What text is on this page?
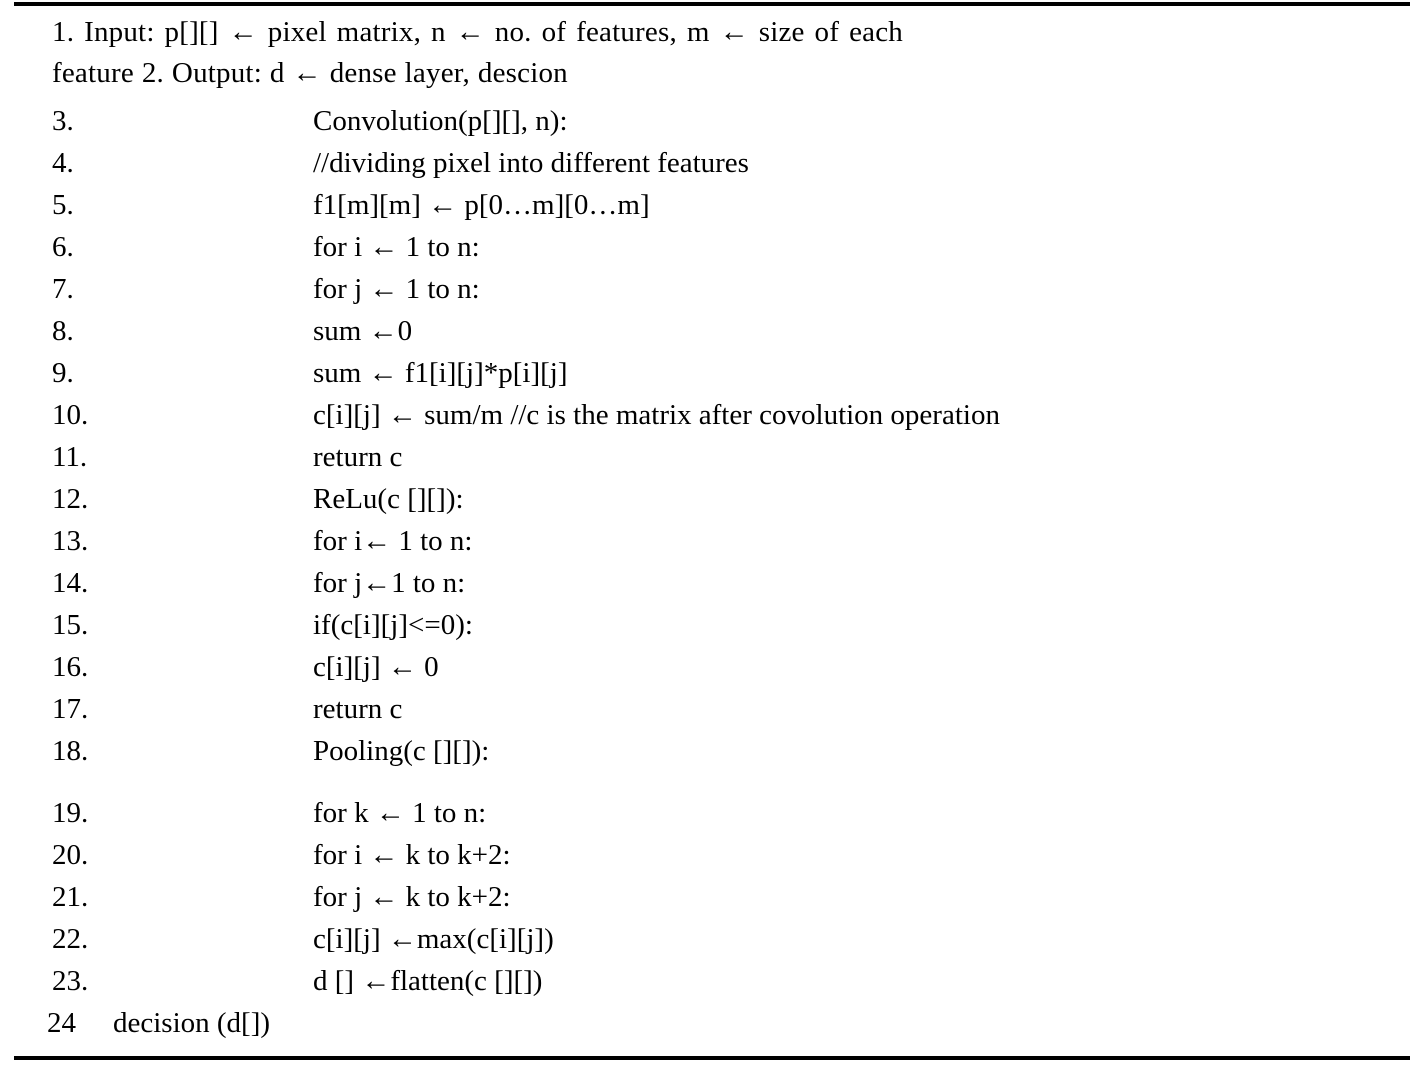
1. Input: p[][] ← pixel matrix, n ← no. of features, m ← size of each
feature 2. Output: d ← dense layer, descion
3.	Convolution(p[][], n):
4.	//dividing pixel into different features
5.	f1[m][m] ← p[0…m][0…m]
6.	for i ← 1 to n:
7.	for j ← 1 to n:
8.	sum ←0
9.	sum ← f1[i][j]*p[i][j]
10.	c[i][j] ← sum/m //c is the matrix after covolution operation
11.	return c
12.	ReLu(c [][]):
13.	for i← 1 to n:
14.	for j←1 to n:
15.	if(c[i][j]<=0):
16.	c[i][j] ← 0
17.	return c
18.	Pooling(c [][]):
19.	for k ← 1 to n:
20.	for i ← k to k+2:
21.	for j ← k to k+2:
22.	c[i][j] ←max(c[i][j])
23.	d [] ←flatten(c [][])
24 decision (d[])
